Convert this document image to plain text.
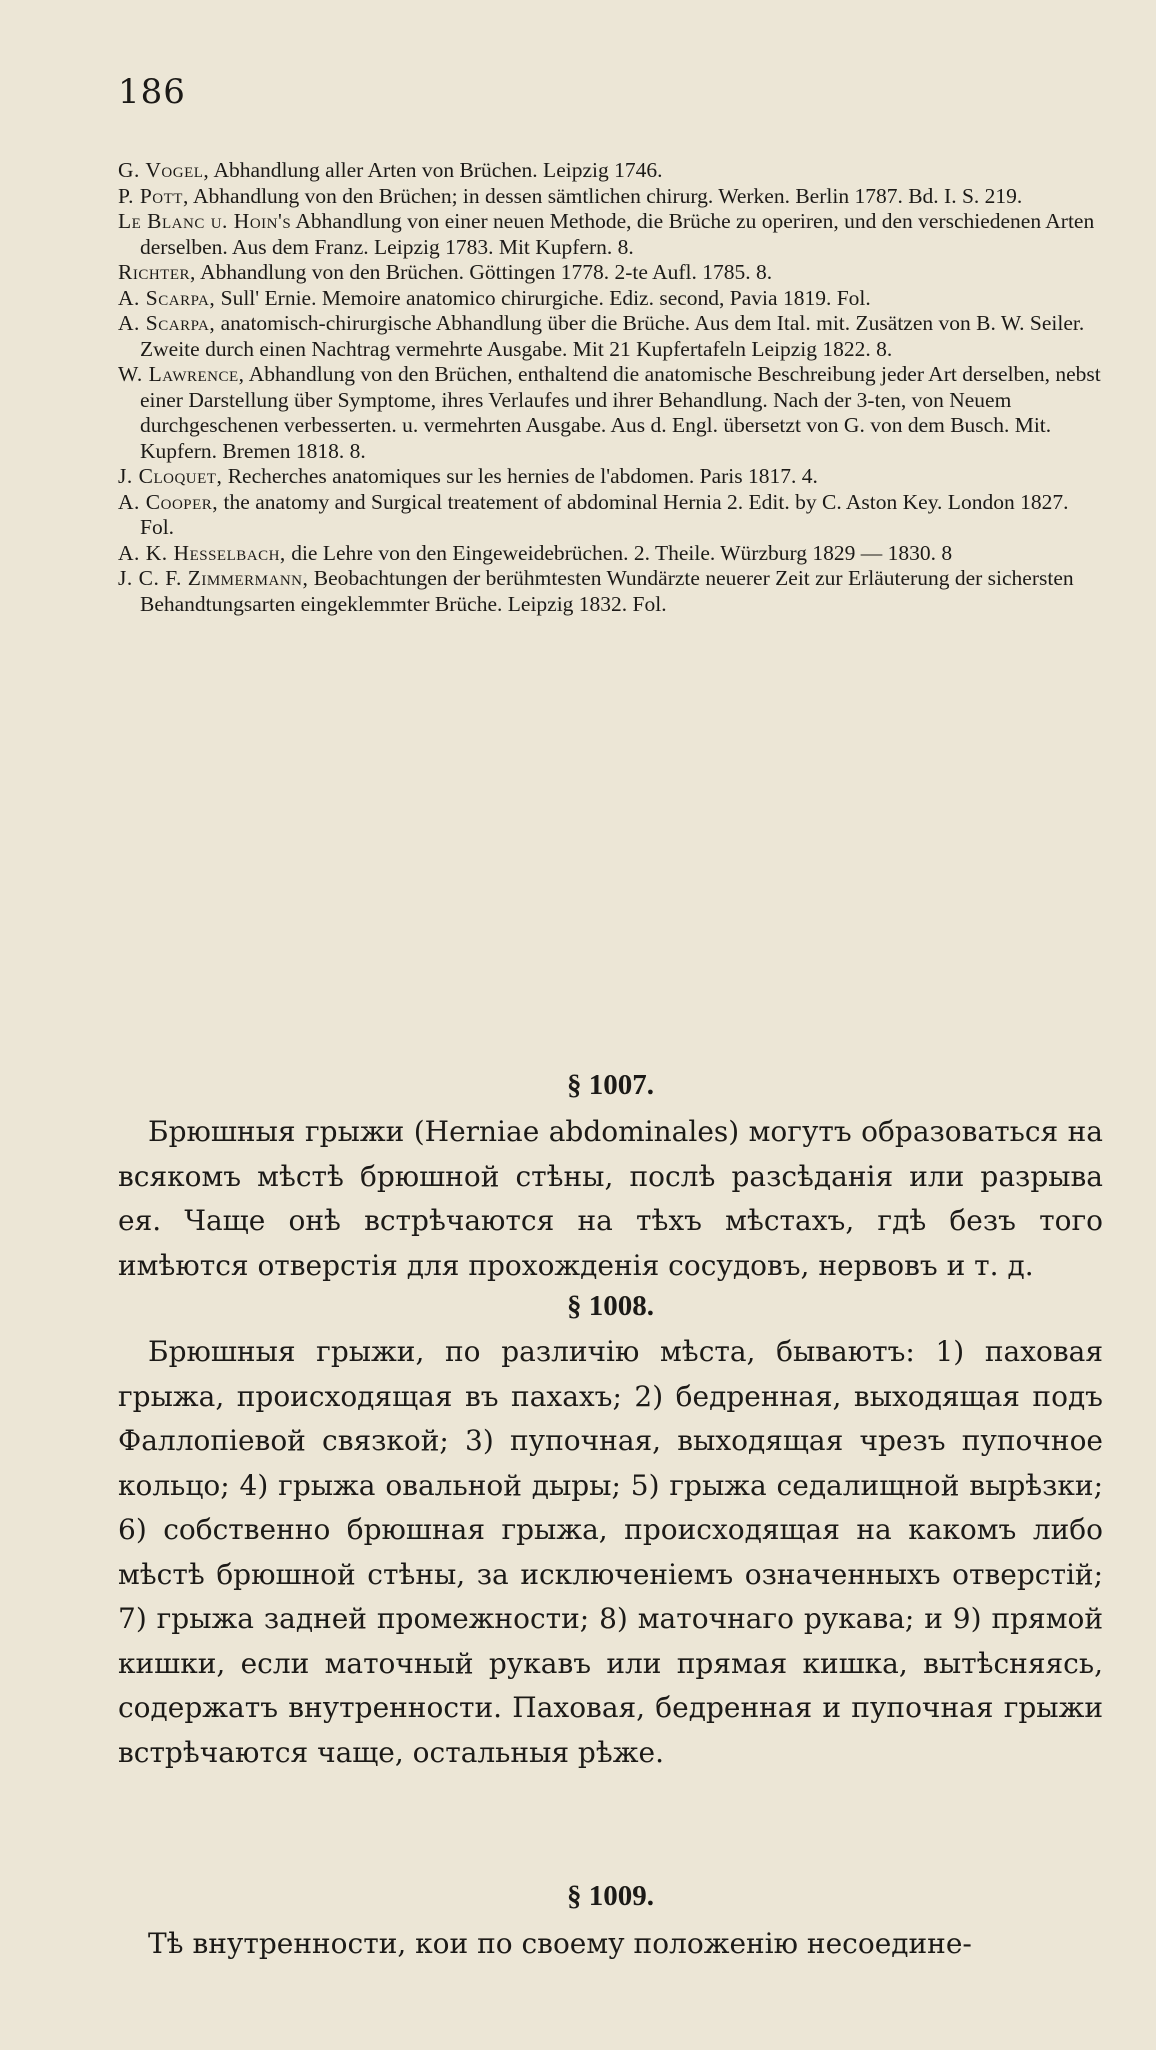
186

G. Vogel, Abhandlung aller Arten von Brüchen. Leipzig 1746.

P. Pott, Abhandlung von den Brüchen; in dessen sämtlichen chirurg. Werken. Berlin 1787. Bd. I. S. 219.

Le Blanc u. Hoin's Abhandlung von einer neuen Methode, die Brüche zu operiren, und den verschiedenen Arten derselben. Aus dem Franz. Leipzig 1783. Mit Kupfern. 8.

Richter, Abhandlung von den Brüchen. Göttingen 1778. 2-te Aufl. 1785. 8.

A. Scarpa, Sull' Ernie. Memoire anatomico chirurgiche. Ediz. second, Pavia 1819. Fol.

A. Scarpa, anatomisch-chirurgische Abhandlung über die Brüche. Aus dem Ital. mit. Zusätzen von B. W. Seiler. Zweite durch einen Nachtrag vermehrte Ausgabe. Mit 21 Kupfertafeln Leipzig 1822. 8.

W. Lawrence, Abhandlung von den Brüchen, enthaltend die anatomische Beschreibung jeder Art derselben, nebst einer Darstellung über Symptome, ihres Verlaufes und ihrer Behandlung. Nach der 3-ten, von Neuem durchgeschenen verbesserten. u. vermehrten Ausgabe. Aus d. Engl. übersetzt von G. von dem Busch. Mit. Kupfern. Bremen 1818. 8.

J. Cloquet, Recherches anatomiques sur les hernies de l'abdomen. Paris 1817. 4.

A. Cooper, the anatomy and Surgical treatement of abdominal Hernia 2. Edit. by C. Aston Key. London 1827. Fol.

A. K. Hesselbach, die Lehre von den Eingeweidebrüchen. 2. Theile. Würzburg 1829 — 1830. 8

J. C. F. Zimmermann, Beobachtungen der berühmtesten Wundärzte neuerer Zeit zur Erläuterung der sichersten Behandtungsarten eingeklemmter Brüche. Leipzig 1832. Fol.

§ 1007.

Брюшныя грыжи (Herniae abdominales) могутъ образоваться на всякомъ мѣстѣ брюшной стѣны, послѣ разсѣданія или разрыва ея. Чаще онѣ встрѣчаются на тѣхъ мѣстахъ, гдѣ безъ того имѣются отверстія для прохожденія сосудовъ, нервовъ и т. д.

§ 1008.

Брюшныя грыжи, по различію мѣста, бываютъ: 1) паховая грыжа, происходящая въ пахахъ; 2) бедренная, выходящая подъ Фаллопіевой связкой; 3) пупочная, выходящая чрезъ пупочное кольцо; 4) грыжа овальной дыры; 5) грыжа седалищной вырѣзки; 6) собственно брюшная грыжа, происходящая на какомъ либо мѣстѣ брюшной стѣны, за исключеніемъ означенныхъ отверстій; 7) грыжа задней промежности; 8) маточнаго рукава; и 9) прямой кишки, если маточный рукавъ или прямая кишка, вытѣсняясь, содержатъ внутренности. Паховая, бедренная и пупочная грыжи встрѣчаются чаще, остальныя рѣже.

§ 1009.

Тѣ внутренности, кои по своему положенію несоедине-
